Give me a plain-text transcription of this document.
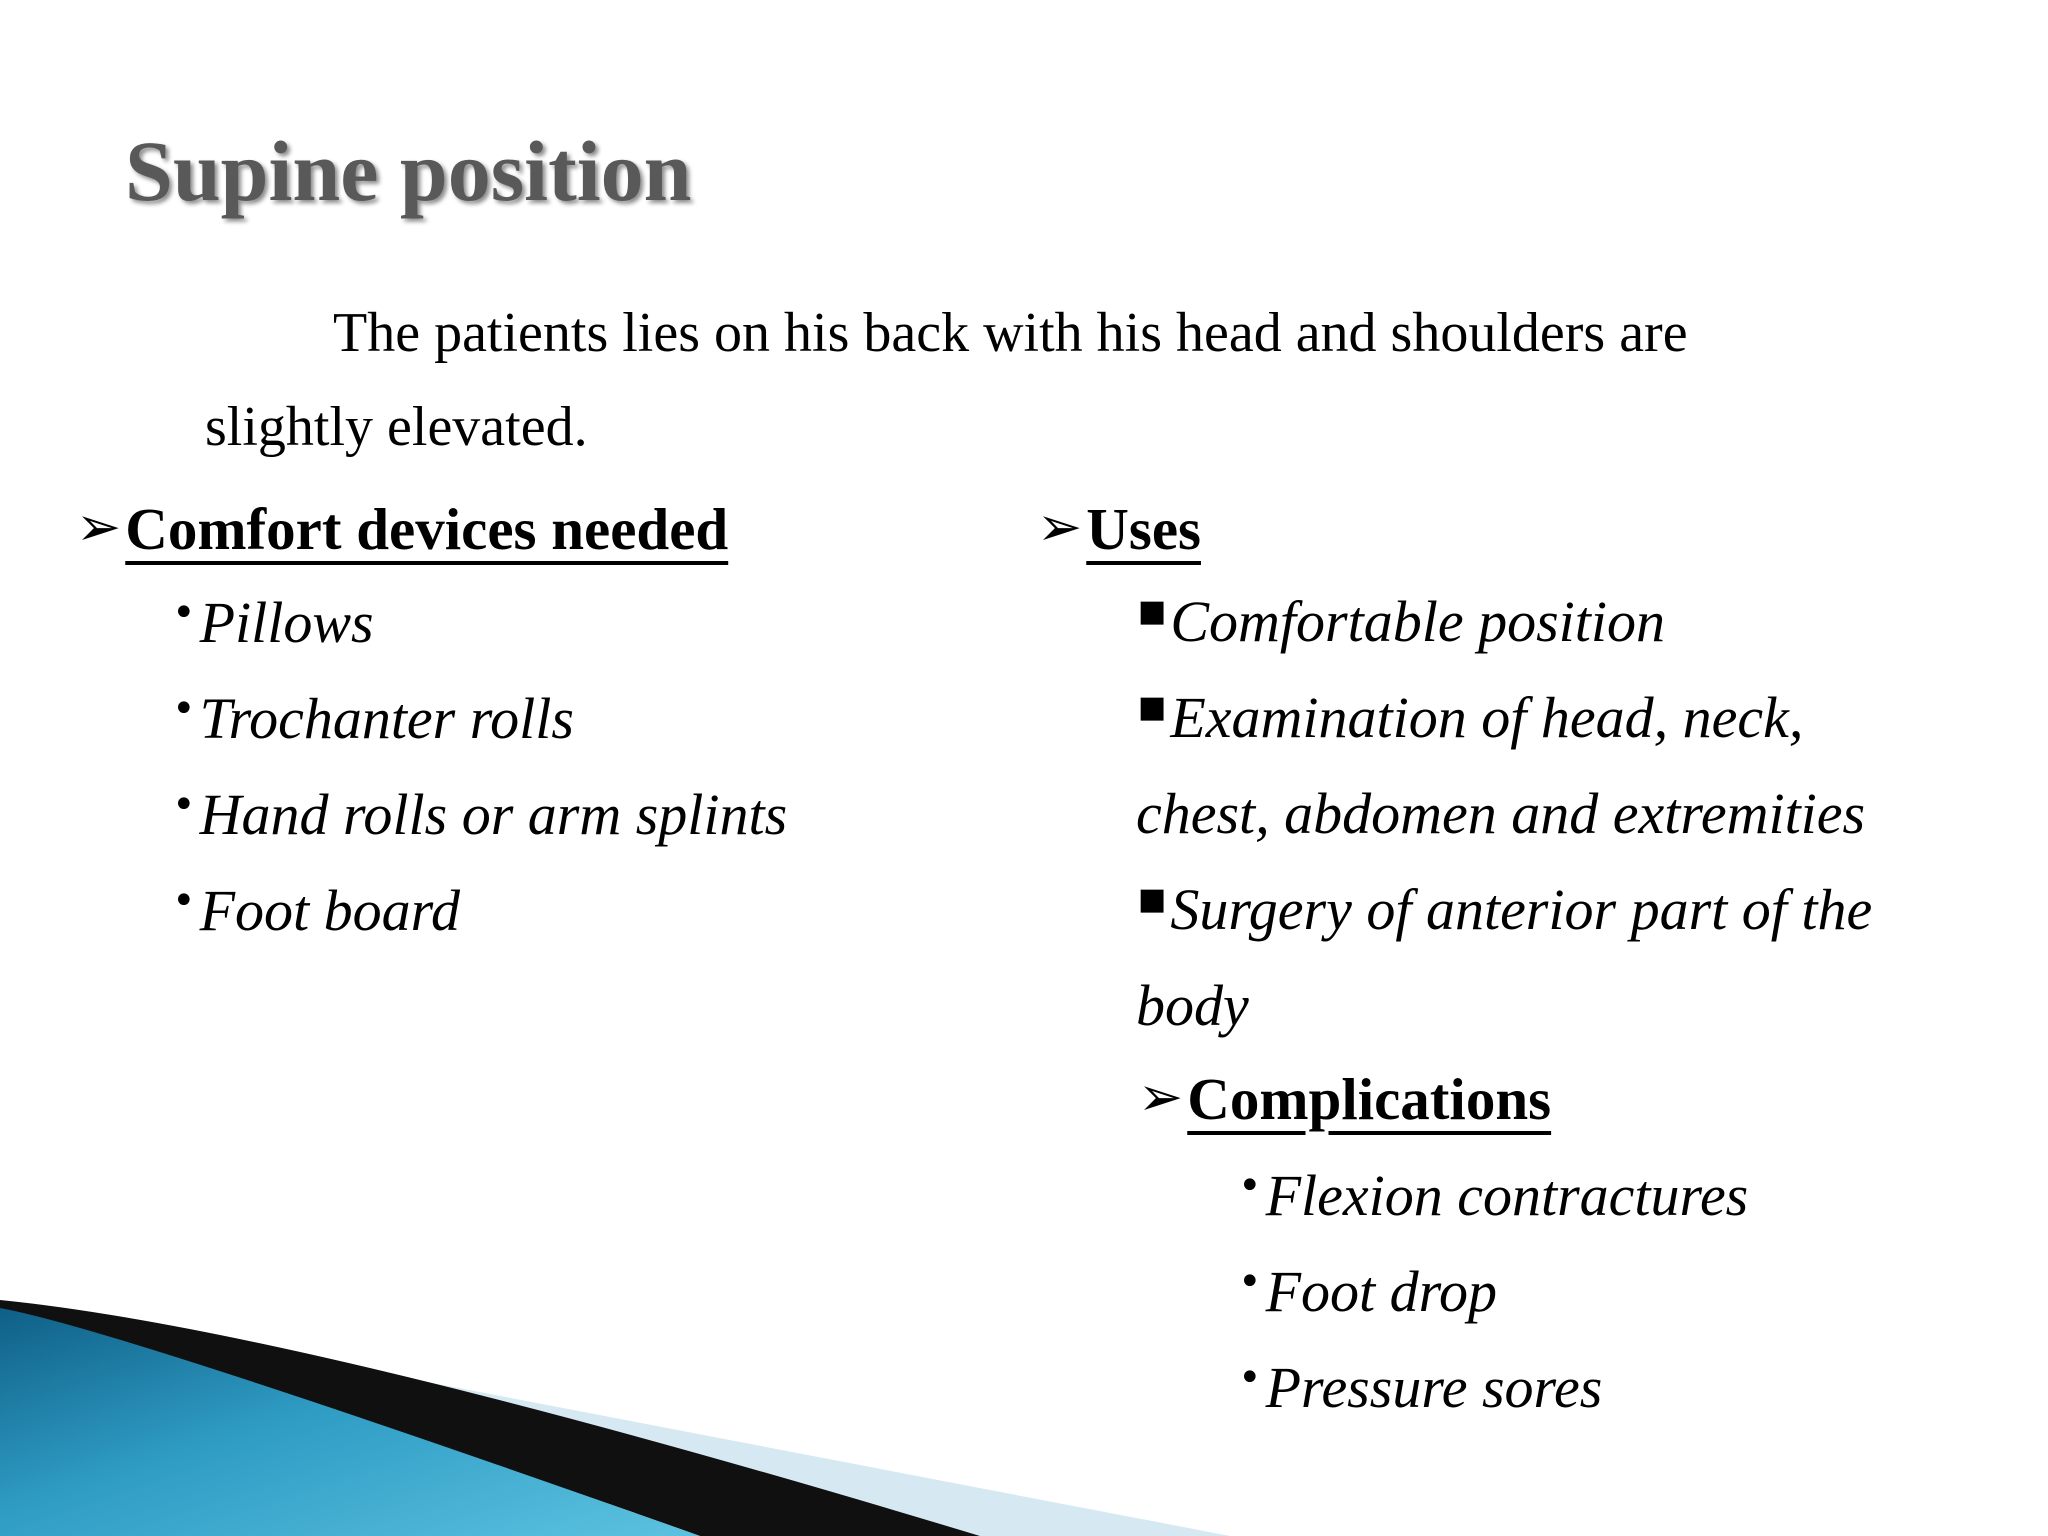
Supine position
The patients lies on his back with his head and shoulders are
slightly elevated.
➢ Comfort devices needed
•Pillows
•Trochanter rolls
•Hand rolls or arm splints
•Foot board
➢ Uses
■Comfortable position
■Examination of head, neck,
chest, abdomen and extremities
■Surgery of anterior part of the
body
➢ Complications
•Flexion contractures
•Foot drop
•Pressure sores
